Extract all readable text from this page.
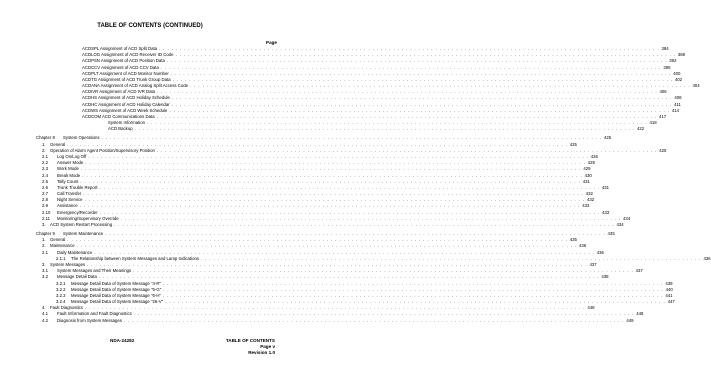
TABLE OF CONTENTS (CONTINUED)
Page
ACDSPL Assignment of ACD Split Data . . . . . . . . . . . . . . . . . . . . . . . . . . . . . . . . . . . . . . . . . . . . . . . . . . . . . . . . . . . . . . . . . . . . . . . . . . . . . . . . . . . . . . . . . . . . . . . . . . . . . . . . . . . . . . . . . . . . . . . . 384
ACDLOG Assignment of ACD Receiver ID Code . . . . . . . . . . . . . . . . . . . . . . . . . . . . . . . . . . . . . . . . . . . . . . . . . . . . . . . . . . . . . . . . . . . . . . . . . . . . . . . . . . . . . . . . . . . . . . . . . . . . . . . . . . . . . . . . . . . . . . . . 388
ACDPSN Assignment of ACD Position Data . . . . . . . . . . . . . . . . . . . . . . . . . . . . . . . . . . . . . . . . . . . . . . . . . . . . . . . . . . . . . . . . . . . . . . . . . . . . . . . . . . . . . . . . . . . . . . . . . . . . . . . . . . . . . . . . . . . . . . . . 392
ACDCCV Assignment of ACD CCV Data . . . . . . . . . . . . . . . . . . . . . . . . . . . . . . . . . . . . . . . . . . . . . . . . . . . . . . . . . . . . . . . . . . . . . . . . . . . . . . . . . . . . . . . . . . . . . . . . . . . . . . . . . . . . . . . . . . . . . . . . 395
ACDPLT Assignment of ACD Monitor Number . . . . . . . . . . . . . . . . . . . . . . . . . . . . . . . . . . . . . . . . . . . . . . . . . . . . . . . . . . . . . . . . . . . . . . . . . . . . . . . . . . . . . . . . . . . . . . . . . . . . . . . . . . . . . . . . . . . . . . . . 400
ACDTG Assignment of ACD Trunk Group Data . . . . . . . . . . . . . . . . . . . . . . . . . . . . . . . . . . . . . . . . . . . . . . . . . . . . . . . . . . . . . . . . . . . . . . . . . . . . . . . . . . . . . . . . . . . . . . . . . . . . . . . . . . . . . . . . . . . . . . . . 402
ACDANA Assignment of ACD Analog Split Access Code . . . . . . . . . . . . . . . . . . . . . . . . . . . . . . . . . . . . . . . . . . . . . . . . . . . . . . . . . . . . . . . . . . . . . . . . . . . . . . . . . . . . . . . . . . . . . . . . . . . . . . . . . . . . . . . . . . . . . . . . 404
ACDIVR Assignment of ACD IVR Data . . . . . . . . . . . . . . . . . . . . . . . . . . . . . . . . . . . . . . . . . . . . . . . . . . . . . . . . . . . . . . . . . . . . . . . . . . . . . . . . . . . . . . . . . . . . . . . . . . . . . . . . . . . . . . . . . . . . . . . . 406
ACDHS Assignment of ACD Holiday Schedule . . . . . . . . . . . . . . . . . . . . . . . . . . . . . . . . . . . . . . . . . . . . . . . . . . . . . . . . . . . . . . . . . . . . . . . . . . . . . . . . . . . . . . . . . . . . . . . . . . . . . . . . . . . . . . . . . . . . . . . . 408
ACDHC Assignment of ACD Holiday Calendar . . . . . . . . . . . . . . . . . . . . . . . . . . . . . . . . . . . . . . . . . . . . . . . . . . . . . . . . . . . . . . . . . . . . . . . . . . . . . . . . . . . . . . . . . . . . . . . . . . . . . . . . . . . . . . . . . . . . . . . . 411
ACDWS Assignment of ACD Week Schedule . . . . . . . . . . . . . . . . . . . . . . . . . . . . . . . . . . . . . . . . . . . . . . . . . . . . . . . . . . . . . . . . . . . . . . . . . . . . . . . . . . . . . . . . . . . . . . . . . . . . . . . . . . . . . . . . . . . . . . . . 414
ACDCOM ACD Communications Data . . . . . . . . . . . . . . . . . . . . . . . . . . . . . . . . . . . . . . . . . . . . . . . . . . . . . . . . . . . . . . . . . . . . . . . . . . . . . . . . . . . . . . . . . . . . . . . . . . . . . . . . . . . . . . . . . . . . . . . . 417
System Information . . . . . . . . . . . . . . . . . . . . . . . . . . . . . . . . . . . . . . . . . . . . . . . . . . . . . . . . . . . . . . . . . . . . . . . . . . . . . . . . . . . . . . . . . . . . . . . . . . . . . . . . . . . . . . . . . . . . . . . . 418
ACD Backup . . . . . . . . . . . . . . . . . . . . . . . . . . . . . . . . . . . . . . . . . . . . . . . . . . . . . . . . . . . . . . . . . . . . . . . . . . . . . . . . . . . . . . . . . . . . . . . . . . . . . . . . . . . . . . . . . . . . . . . . 422
Chapter 8 System Operations . . . . . . . . . . . . . . . . . . . . . . . . . . . . . . . . . . . . . . . . . . . . . . . . . . . . . . . . . . . . . . . . . . . . . . . . . . . . . . . . . . . . . . . . . . . . . . . . . . . . . . . . . . . . . . . . . . . . . . . . 425
1. General . . . . . . . . . . . . . . . . . . . . . . . . . . . . . . . . . . . . . . . . . . . . . . . . . . . . . . . . . . . . . . . . . . . . . . . . . . . . . . . . . . . . . . . . . . . . . . . . . . . . . . . . . . . . . . . . . . . . . . . . 425
2. Operation of Alarm Agent Position/Supervisory Position . . . . . . . . . . . . . . . . . . . . . . . . . . . . . . . . . . . . . . . . . . . . . . . . . . . . . . . . . . . . . . . . . . . . . . . . . . . . . . . . . . . . . . . . . . . . . . . . . . . . . . . . . . . . . . . . . . . . . . . . 425
2.1 Log On/Log Off . . . . . . . . . . . . . . . . . . . . . . . . . . . . . . . . . . . . . . . . . . . . . . . . . . . . . . . . . . . . . . . . . . . . . . . . . . . . . . . . . . . . . . . . . . . . . . . . . . . . . . . . . . . . . . . . . . . . . . . . 426
2.2 Answer Mode . . . . . . . . . . . . . . . . . . . . . . . . . . . . . . . . . . . . . . . . . . . . . . . . . . . . . . . . . . . . . . . . . . . . . . . . . . . . . . . . . . . . . . . . . . . . . . . . . . . . . . . . . . . . . . . . . . . . . . . . 429
2.3 Work Mode . . . . . . . . . . . . . . . . . . . . . . . . . . . . . . . . . . . . . . . . . . . . . . . . . . . . . . . . . . . . . . . . . . . . . . . . . . . . . . . . . . . . . . . . . . . . . . . . . . . . . . . . . . . . . . . . . . . . . . . . 429
2.4 Break Mode . . . . . . . . . . . . . . . . . . . . . . . . . . . . . . . . . . . . . . . . . . . . . . . . . . . . . . . . . . . . . . . . . . . . . . . . . . . . . . . . . . . . . . . . . . . . . . . . . . . . . . . . . . . . . . . . . . . . . . . . 430
2.5 Tally Count . . . . . . . . . . . . . . . . . . . . . . . . . . . . . . . . . . . . . . . . . . . . . . . . . . . . . . . . . . . . . . . . . . . . . . . . . . . . . . . . . . . . . . . . . . . . . . . . . . . . . . . . . . . . . . . . . . . . . . . . 431
2.6 Trunk Trouble Report . . . . . . . . . . . . . . . . . . . . . . . . . . . . . . . . . . . . . . . . . . . . . . . . . . . . . . . . . . . . . . . . . . . . . . . . . . . . . . . . . . . . . . . . . . . . . . . . . . . . . . . . . . . . . . . . . . . . . . . . 431
2.7 Call Transfer . . . . . . . . . . . . . . . . . . . . . . . . . . . . . . . . . . . . . . . . . . . . . . . . . . . . . . . . . . . . . . . . . . . . . . . . . . . . . . . . . . . . . . . . . . . . . . . . . . . . . . . . . . . . . . . . . . . . . . . . 432
2.8 Night Service . . . . . . . . . . . . . . . . . . . . . . . . . . . . . . . . . . . . . . . . . . . . . . . . . . . . . . . . . . . . . . . . . . . . . . . . . . . . . . . . . . . . . . . . . . . . . . . . . . . . . . . . . . . . . . . . . . . . . . . . 432
2.9 Assistance . . . . . . . . . . . . . . . . . . . . . . . . . . . . . . . . . . . . . . . . . . . . . . . . . . . . . . . . . . . . . . . . . . . . . . . . . . . . . . . . . . . . . . . . . . . . . . . . . . . . . . . . . . . . . . . . . . . . . . . . 433
2.10 Emergency/Recorder . . . . . . . . . . . . . . . . . . . . . . . . . . . . . . . . . . . . . . . . . . . . . . . . . . . . . . . . . . . . . . . . . . . . . . . . . . . . . . . . . . . . . . . . . . . . . . . . . . . . . . . . . . . . . . . . . . . . . . . . 433
2.11 Monitoring/Supervisory Override . . . . . . . . . . . . . . . . . . . . . . . . . . . . . . . . . . . . . . . . . . . . . . . . . . . . . . . . . . . . . . . . . . . . . . . . . . . . . . . . . . . . . . . . . . . . . . . . . . . . . . . . . . . . . . . . . . . . . . . . 434
3. ACD System Restart Processing . . . . . . . . . . . . . . . . . . . . . . . . . . . . . . . . . . . . . . . . . . . . . . . . . . . . . . . . . . . . . . . . . . . . . . . . . . . . . . . . . . . . . . . . . . . . . . . . . . . . . . . . . . . . . . . . . . . . . . . . 434
Chapter 9 System Maintenance . . . . . . . . . . . . . . . . . . . . . . . . . . . . . . . . . . . . . . . . . . . . . . . . . . . . . . . . . . . . . . . . . . . . . . . . . . . . . . . . . . . . . . . . . . . . . . . . . . . . . . . . . . . . . . . . . . . . . . . . 435
1. General . . . . . . . . . . . . . . . . . . . . . . . . . . . . . . . . . . . . . . . . . . . . . . . . . . . . . . . . . . . . . . . . . . . . . . . . . . . . . . . . . . . . . . . . . . . . . . . . . . . . . . . . . . . . . . . . . . . . . . . . 435
2. Maintenance . . . . . . . . . . . . . . . . . . . . . . . . . . . . . . . . . . . . . . . . . . . . . . . . . . . . . . . . . . . . . . . . . . . . . . . . . . . . . . . . . . . . . . . . . . . . . . . . . . . . . . . . . . . . . . . . . . . . . . . . 436
2.1 Daily Maintenance . . . . . . . . . . . . . . . . . . . . . . . . . . . . . . . . . . . . . . . . . . . . . . . . . . . . . . . . . . . . . . . . . . . . . . . . . . . . . . . . . . . . . . . . . . . . . . . . . . . . . . . . . . . . . . . . . . . . . . . . 436
2.1.1 The Relationship between System Messages and Lamp Indications . . . . . . . . . . . . . . . . . . . . . . . . . . . . . . . . . . . . . . . . . . . . . . . . . . . . . . . . . . . . . . . . . . . . . . . . . . . . . . . . . . . . . . . . . . . . . . . . . . . . . . . . . . . . . . . . . . . . . . . . 436
3. System Messages . . . . . . . . . . . . . . . . . . . . . . . . . . . . . . . . . . . . . . . . . . . . . . . . . . . . . . . . . . . . . . . . . . . . . . . . . . . . . . . . . . . . . . . . . . . . . . . . . . . . . . . . . . . . . . . . . . . . . . . . 437
3.1 System Messages and Their Meanings . . . . . . . . . . . . . . . . . . . . . . . . . . . . . . . . . . . . . . . . . . . . . . . . . . . . . . . . . . . . . . . . . . . . . . . . . . . . . . . . . . . . . . . . . . . . . . . . . . . . . . . . . . . . . . . . . . . . . . . . 437
3.2 Message Detail Data . . . . . . . . . . . . . . . . . . . . . . . . . . . . . . . . . . . . . . . . . . . . . . . . . . . . . . . . . . . . . . . . . . . . . . . . . . . . . . . . . . . . . . . . . . . . . . . . . . . . . . . . . . . . . . . . . . . . . . . . 438
3.2.1 Message Detail Data of System Message "4-R" . . . . . . . . . . . . . . . . . . . . . . . . . . . . . . . . . . . . . . . . . . . . . . . . . . . . . . . . . . . . . . . . . . . . . . . . . . . . . . . . . . . . . . . . . . . . . . . . . . . . . . . . . . . . . . . . . . . . . . . . 439
3.2.2 Message Detail Data of System Message "5-G" . . . . . . . . . . . . . . . . . . . . . . . . . . . . . . . . . . . . . . . . . . . . . . . . . . . . . . . . . . . . . . . . . . . . . . . . . . . . . . . . . . . . . . . . . . . . . . . . . . . . . . . . . . . . . . . . . . . . . . . . 440
3.2.3 Message Detail Data of System Message "6-H" . . . . . . . . . . . . . . . . . . . . . . . . . . . . . . . . . . . . . . . . . . . . . . . . . . . . . . . . . . . . . . . . . . . . . . . . . . . . . . . . . . . . . . . . . . . . . . . . . . . . . . . . . . . . . . . . . . . . . . . . 441
3.2.4 Message Detail Data of System Message "26-V" . . . . . . . . . . . . . . . . . . . . . . . . . . . . . . . . . . . . . . . . . . . . . . . . . . . . . . . . . . . . . . . . . . . . . . . . . . . . . . . . . . . . . . . . . . . . . . . . . . . . . . . . . . . . . . . . . . . . . . . . 447
4. Fault Diagnostics . . . . . . . . . . . . . . . . . . . . . . . . . . . . . . . . . . . . . . . . . . . . . . . . . . . . . . . . . . . . . . . . . . . . . . . . . . . . . . . . . . . . . . . . . . . . . . . . . . . . . . . . . . . . . . . . . . . . . . . . 448
4.1 Fault Information and Fault Diagnostics . . . . . . . . . . . . . . . . . . . . . . . . . . . . . . . . . . . . . . . . . . . . . . . . . . . . . . . . . . . . . . . . . . . . . . . . . . . . . . . . . . . . . . . . . . . . . . . . . . . . . . . . . . . . . . . . . . . . . . . . 448
4.2 Diagnosis from System Messages . . . . . . . . . . . . . . . . . . . . . . . . . . . . . . . . . . . . . . . . . . . . . . . . . . . . . . . . . . . . . . . . . . . . . . . . . . . . . . . . . . . . . . . . . . . . . . . . . . . . . . . . . . . . . . . . . . . . . . . . 449
NDA-24282	TABLE OF CONTENTS
Page v
Revision 1.0
